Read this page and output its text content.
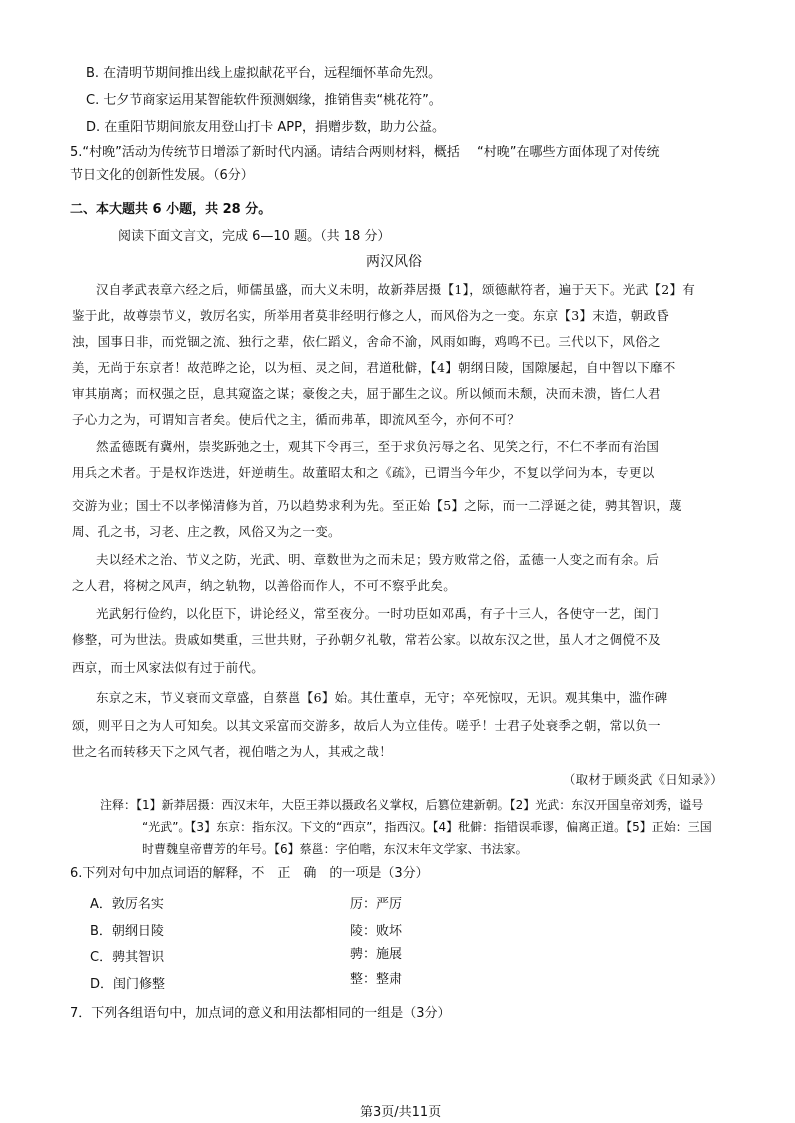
B. 在清明节期间推出线上虚拟献花平台，远程缅怀革命先烈。
C. 七夕节商家运用某智能软件预测姻缘，推销售卖“桃花符”。
D. 在重阳节期间旅友用登山打卡 APP，捐赠步数，助力公益。
5.“村晚”活动为传统节日增添了新时代内涵。请结合两则材料，概括　 “村晚”在哪些方面体现了对传统
节日文化的创新性发展。（6分）
二、本大题共 6 小题，共 28 分。
阅读下面文言文，完成 6—10 题。（共 18 分）
两汉风俗
汉自孝武表章六经之后，师儒虽盛，而大义未明，故新莽居摄【1】，颂德献符者，遍于天下。光武【2】有
鉴于此，故尊崇节义，敦厉名实，所举用者莫非经明行修之人，而风俗为之一变。东京【3】末造，朝政昏
浊，国事日非，而党锢之流、独行之辈，依仁蹈义，舍命不渝，风雨如晦，鸡鸣不已。三代以下，风俗之
美，无尚于东京者！故范晔之论，以为桓、灵之间，君道秕僻，【4】朝纲日陵，国隙屡起，自中智以下靡不
审其崩离；而权强之臣，息其窥盗之谋；豪俊之夫，屈于鄙生之议。所以倾而未颓，决而未溃，皆仁人君
子心力之为，可谓知言者矣。使后代之主，循而弗革，即流风至今，亦何不可？
然孟德既有冀州，崇奖跅弛之士，观其下令再三，至于求负污辱之名、见笑之行，不仁不孝而有治国
用兵之术者。于是权诈迭进，奸逆萌生。故董昭太和之《疏》，已谓当今年少，不复以学问为本，专更以
交游为业；国士不以孝悌清修为首，乃以趋势求利为先。至正始【5】之际，而一二浮诞之徒，骋其智识，蔑
周、孔之书，习老、庄之教，风俗又为之一变。
夫以经术之治、节义之防，光武、明、章数世为之而未足；毁方败常之俗，孟德一人变之而有余。后
之人君，将树之风声，纳之轨物，以善俗而作人，不可不察乎此矣。
光武躬行俭约，以化臣下，讲论经义，常至夜分。一时功臣如邓禹，有子十三人，各使守一艺，闺门
修整，可为世法。贵戚如樊重，三世共财，子孙朝夕礼敬，常若公家。以故东汉之世，虽人才之倜傥不及
西京，而士风家法似有过于前代。
东京之末，节义衰而文章盛，自蔡邕【6】始。其仕董卓，无守；卒死惊叹，无识。观其集中，滥作碑
颂，则平日之为人可知矣。以其文采富而交游多，故后人为立佳传。嗟乎！士君子处衰季之朝，常以负一
世之名而转移天下之风气者，视伯喈之为人，其戒之哉！
（取材于顾炎武《日知录》）
注释：【1】新莽居摄：西汉末年，大臣王莽以摄政名义掌权，后篡位建新朝。【2】光武：东汉开国皇帝刘秀，谥号
“光武”。【3】东京：指东汉。下文的“西京”，指西汉。【4】秕僻：指错误乖谬，偏离正道。【5】正始：三国
时曹魏皇帝曹芳的年号。【6】蔡邕：字伯喈，东汉末年文学家、书法家。
6.下列对句中加点词语的解释，不　正　确　的一项是（3分）
A．敦厉名实	厉：严厉
B．朝纲日陵	陵：败坏
C．骋其智识	骋：施展
D．闺门修整	整：整肃
7．下列各组语句中，加点词的意义和用法都相同的一组是（3分）
第3页/共11页
